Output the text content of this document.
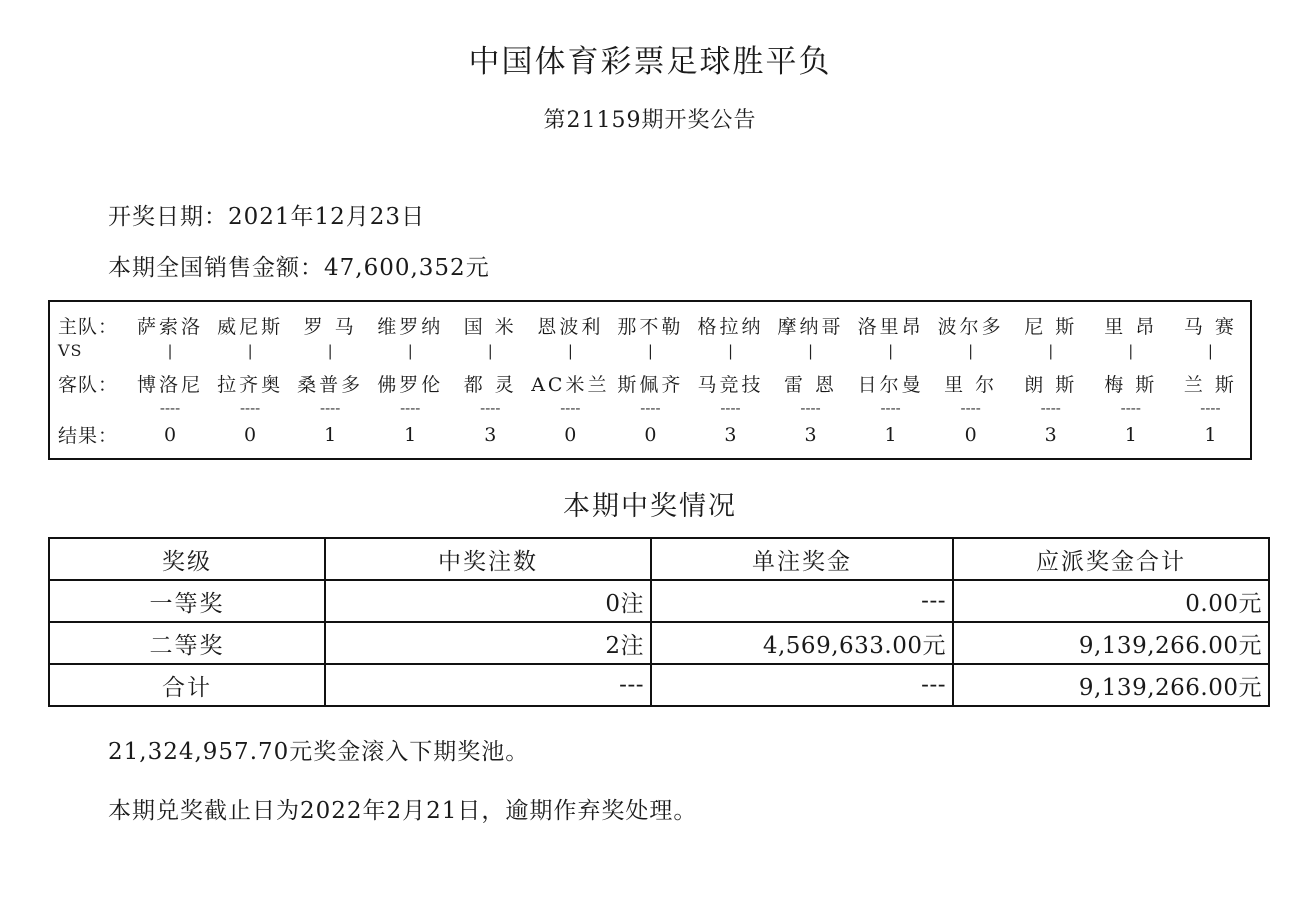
中国体育彩票足球胜平负
第21159期开奖公告
开奖日期：2021年12月23日
本期全国销售金额：47,600,352元
主队：	萨索洛	威尼斯	罗 马	维罗纳	国 米	恩波利	那不勒	格拉纳	摩纳哥	洛里昂	波尔多	尼 斯	里 昂	马 赛
VS	|	|	|	|	|	|	|	|	|	|	|	|	|	|
客队：	博洛尼	拉齐奥	桑普多	佛罗伦	都 灵	AC米兰	斯佩齐	马竞技	雷 恩	日尔曼	里 尔	朗 斯	梅 斯	兰 斯
	----	----	----	----	----	----	----	----	----	----	----	----	----	----
结果：	0	0	1	1	3	0	0	3	3	1	0	3	1	1
本期中奖情况
奖级	中奖注数	单注奖金	应派奖金合计
一等奖	0注	---	0.00元
二等奖	2注	4,569,633.00元	9,139,266.00元
合计	---	---	9,139,266.00元
21,324,957.70元奖金滚入下期奖池。
本期兑奖截止日为2022年2月21日，逾期作弃奖处理。
